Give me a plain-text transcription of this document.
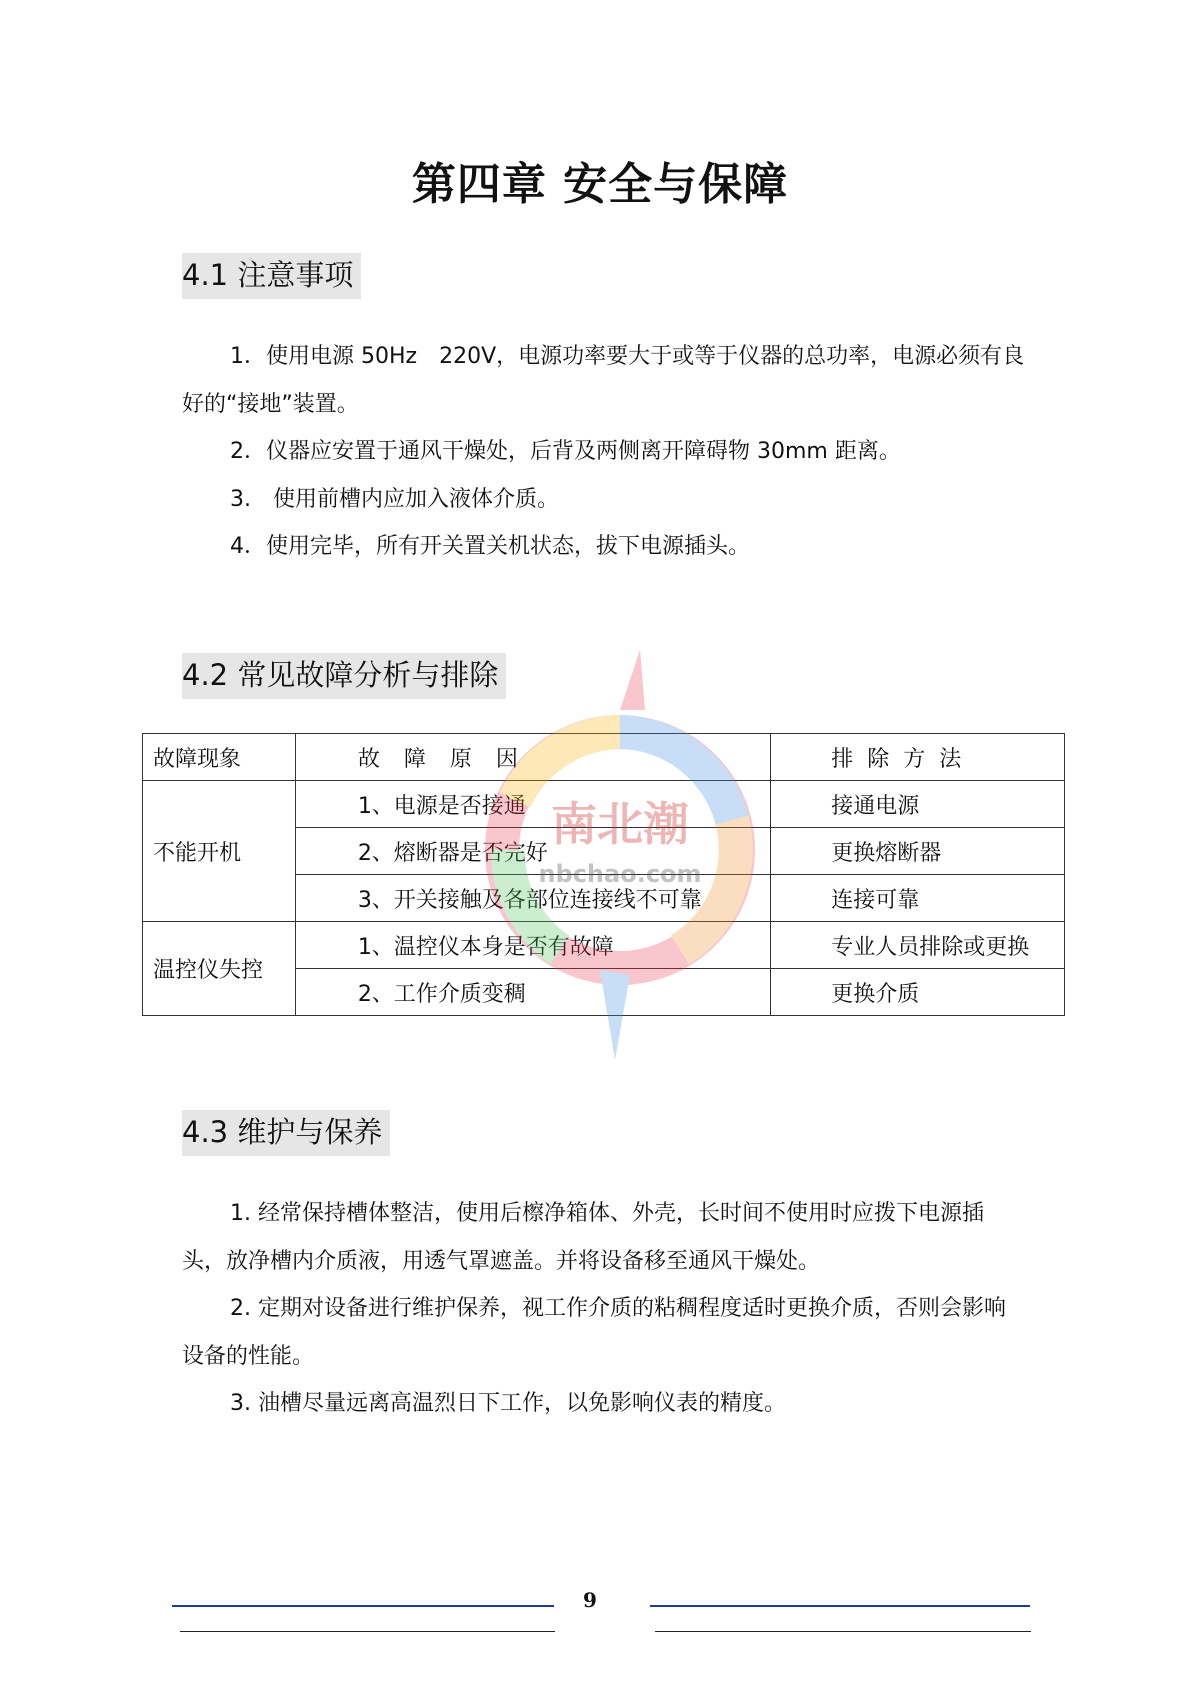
第四章 安全与保障
4.1 注意事项

1．使用电源 50Hz　220V，电源功率要大于或等于仪器的总功率，电源必须有良好的“接地”装置。

2．仪器应安置于通风干燥处，后背及两侧离开障碍物 30mm 距离。

3.　使用前槽内应加入液体介质。

4．使用完毕，所有开关置关机状态，拔下电源插头。

4.2 常见故障分析与排除
故障现象	故障原因	排除方法
不能开机	1、电源是否接通	接通电源
	2、熔断器是否完好	更换熔断器
	3、开关接触及各部位连接线不可靠	连接可靠
温控仪失控	1、温控仪本身是否有故障	专业人员排除或更换
	2、工作介质变稠	更换介质
南北潮
nbchao.com
4.3 维护与保养

1. 经常保持槽体整洁，使用后檫净箱体、外壳，长时间不使用时应拨下电源插头，放净槽内介质液，用透气罩遮盖。并将设备移至通风干燥处。

2. 定期对设备进行维护保养，视工作介质的粘稠程度适时更换介质，否则会影响设备的性能。

3. 油槽尽量远离高温烈日下工作，以免影响仪表的精度。

9
